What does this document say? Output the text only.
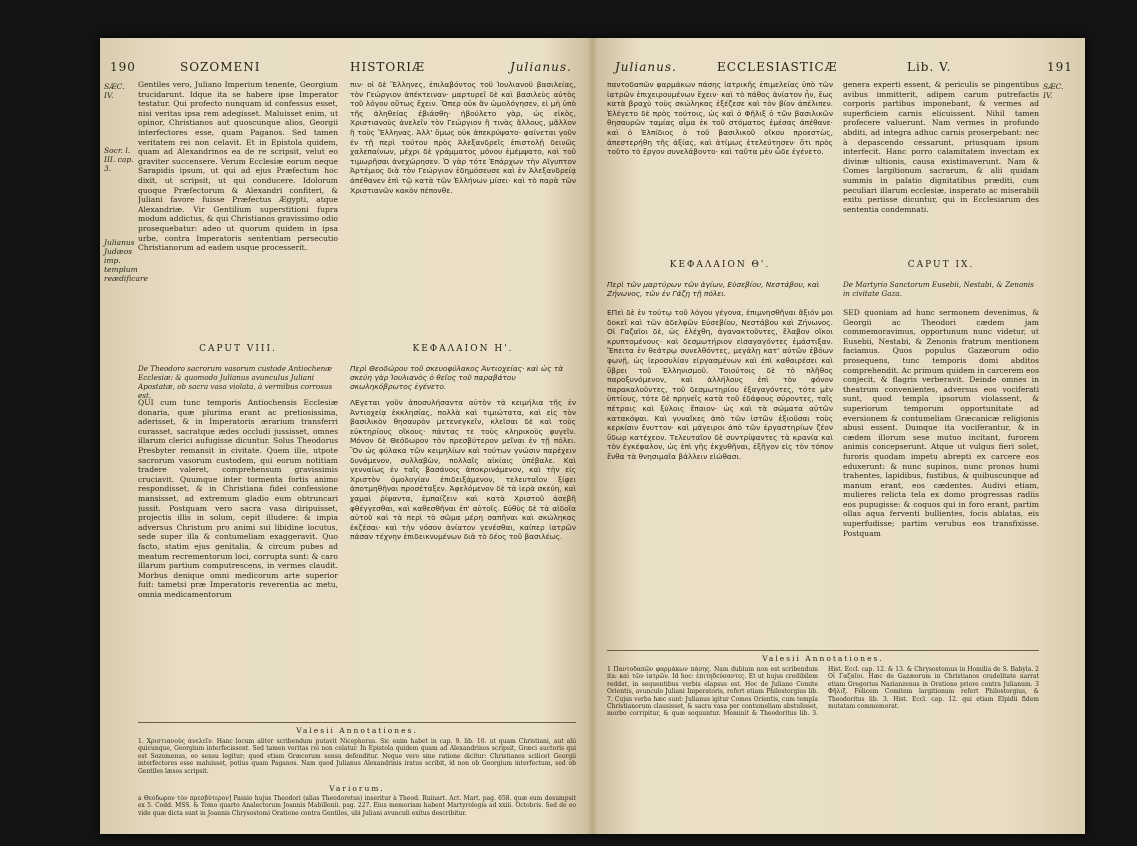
190	SOZOMENI	HISTORIÆ	Julianus.
SÆC. IV.
Socr. l. III. cap. 3.
Julianus Judæos imp. templum reædificare

Gentiles vero, Juliano Imperium tenente, Georgium trucidarunt. Idque ita se habere ipse Imperator testatur. Qui profecto nunquam id confessus esset, nisi veritas ipsa rem adegisset. Maluisset enim, ut opinor, Christianos aut quoscunque alios, Georgii interfectores esse, quam Paganos. Sed tamen veritatem rei non celavit. Et in Epistola quidem, quam ad Alexandrinos ea de re scripsit, velut eo graviter succensere. Verum Ecclesiæ eorum neque Sarapidis ipsum, ut qui ad ejus Præfectum hoc dixit, ut scripsit, ut qui conducere. Idolorum quoque Præfectorum & Alexandri confiteri, & Juliani favore fuisse Præfectus Ægypti, atque Alexandriæ. Vir Gentilium superstitioni fupra modum addictus, & qui Christianos gravissimo odio prosequebatur: adeo ut quorum quidem in ipsa urbe, contra Imperatoris sententiam persecutio Christianorum ad eadem usque processerit.

πιν· οἱ δὲ Ἕλληνες, ἐπιλαβόντος τοῦ Ἰουλιανοῦ βασιλείας, τὸν Γεώργιον ἀπέκτειναν· μαρτυρεῖ δὲ καὶ βασιλεὺς αὐτὸς τοῦ λόγου οὕτως ἔχειν. Ὅπερ οὐκ ἂν ὡμολόγησεν, εἰ μὴ ὑπὸ τῆς ἀληθείας ἐβιάσθη· ἠβούλετο γὰρ, ὡς εἰκὸς, Χριστιανοὺς ἀνελεῖν τὸν Γεώργιον ἢ τινὰς ἄλλους, μᾶλλον ἢ τοὺς Ἕλληνας. Ἀλλ' ὅμως οὐκ ἀπεκρύψατο· φαίνεται γοῦν ἐν τῇ περὶ τούτου πρὸς Ἀλεξανδρεῖς ἐπιστολῇ δεινῶς χαλεπαίνων, μέχρι δὲ γράμματος μόνου ἐμέμψατο, καὶ τοῦ τιμωρῆσαι ἀνεχώρησεν. Ὁ γὰρ τότε Ἐπάρχων τὴν Αἴγυπτον Ἀρτέμιος διὰ τὸν Γεώργιον ἐδημόσευσε καὶ ἐν Ἀλεξανδρείᾳ ἀπέθανεν ἐπὶ τῷ κατὰ τῶν Ἑλλήνων μίσει· καὶ τὸ παρὰ τῶν Χριστιανῶν κακὸν πέπονθε.

CAPUT VIII.	ΚΕΦΑΛΑΙΟΝ Η'.
De Theodoro sacrorum vasorum custode Antiochenæ Ecclesiæ: & quomodo Julianus avunculus Juliani Apostatæ, ob sacra vasa violata, à vermibus corrosus est.
Περὶ Θεοδώρου τοῦ σκευοφύλακος Ἀντιοχείας· καὶ ὡς τὰ σκεύη γὰρ Ἰουλιανὸς ὁ θεῖος τοῦ παραβάτου σκωληκόβρωτος ἐγένετο.

QUI cum tunc temporis Antiochensis Ecclesiæ donaria, quæ plurima erant ac pretiosissima, aderisset, & in Imperatoris ærarium transferri curasset, sacratque ædes occludi jussisset, omnes illarum clerici aufugisse dicuntur. Solus Theodorus Presbyter remansit in civitate. Quem ille, utpote sacrorum vasorum custodem, qui eorum notitiam tradere valeret, comprehensum gravissimis cruciavit. Quumque inter tormenta fortis animo respondisset, & in Christiana fidei confessione mansisset, ad extremum gladio eum obtruncari jussit. Postquam vero sacra vasa diripuisset, projectis illis in solum, cepit illudere: & impia adversus Christum pro animi sui libidine locutus, sede super illa & contumeliam exaggeravit. Quo facto, statim ejus genitalia, & circum pubes ad meatum recrementorum loci, corrupta sunt: & caro illarum partium computrescens, in vermes claudit. Morbus denique omni medicorum arte superior fuit: tametsi præ Imperatoris reverentia ac metu, omnia medicamentorum

ΛΕγεται γοῦν ἀποσυλήσαντα αὐτὸν τὰ κειμήλια τῆς ἐν Ἀντιοχείᾳ ἐκκλησίας, πολλὰ καὶ τιμιώτατα, καὶ εἰς τὸν βασιλικὸν θησαυρὸν μετενεγκεῖν, κλεῖσαι δὲ καὶ τοὺς εὐκτηρίους οἴκους· πάντας τε τοὺς κληρικοὺς φυγεῖν. Μόνον δὲ Θεόδωρον τὸν πρεσβύτερον μεῖναι ἐν τῇ πόλει. Ὃν ὡς φύλακα τῶν κειμηλίων καὶ τούτων γνώσιν παρέχειν δυνάμενον, συλλαβὼν, πολλαῖς αἰκίαις ὑπέβαλε. Καὶ γενναίως ἐν ταῖς βασάνοις ἀποκρινάμενον, καὶ τὴν εἰς Χριστὸν ὁμολογίαν ἐπιδειξάμενον, τελευταῖον ξίφει ἀποτμηθῆναι προσέταξεν. Ἀφελόμενον δὲ τὰ ἱερὰ σκεύη, καὶ χαμαὶ ῥίψαντα, ἐμπαίζειν καὶ κατὰ Χριστοῦ ἀσεβῆ φθέγγεσθαι, καὶ καθεσθῆναι ἐπ' αὐτοῖς. Εὐθὺς δὲ τὰ αἰδοῖα αὐτοῦ καὶ τὰ περὶ τὸ σῶμα μέρη σαπῆναι καὶ σκώληκας ἐκζέσαι· καὶ τὴν νόσον ἀνίατον γενέσθαι, καίπερ ἰατρῶν πάσαν τέχνην ἐπιδεικνυμένων διὰ τὸ δέος τοῦ βασιλέως.

Valesii Annotationes.

1. Χριστιανοὺς ἀνελεῖν. Hanc locum aliter scribendum putavit Nicephorus. Sic enim habet in cap. 9. lib. 10. ut quam Christiani, aut alii quicunque, Georgium interfecissent. Sed tamen veritas rei non celatur. In Epistola quidem quam ad Alexandrinos scripsit, Græci auctoris qui est Sozomenus, eo sensu legitur; quod etiam Græcorum sensu defenditur. Neque vero sine ratione dicitur: Christianos scilicet Georgii interfectores esse maluisset, potius quam Paganos. Nam quod Julianus Alexandrinis iratus scribit, id non ob Georgium interfectum, sed ob Gentiles læsos scripsit.

Variorum.

a Θεόδωρον τὸν πρεσβύτερον] Passio hujus Theodori (alias Theodoretus) inseritur à Theod. Ruinart. Act. Mart. pag. 658. quæ eum desumpsit ex 5. Codd. MSS. & Tomo quarto Analectorum Joannis Mabillonii. pag. 227. Eius memoriam habent Martyrologia ad xxiii. Octobris. Sed de eo vide quæ dicta sunt in Joannis Chrysostomi Oratione contra Gentiles, ubi Juliani avunculi exitus describitur.

Julianus.	ECCLESIASTICÆ	Lib. V.	191
SÆC. IV.

παντοδαπῶν φαρμάκων πάσης ἰατρικῆς ἐπιμελείας ὑπὸ τῶν ἰατρῶν ἐπιχειρουμένων ἔχειν· καὶ τὸ πάθος ἀνίατον ἦν, ἕως κατὰ βραχὺ τοὺς σκώληκας ἐξέζεσε καὶ τὸν βίον ἀπέλιπεν. Ἐλέγετο δὲ πρὸς τούτοις, ὡς καὶ ὁ Φῆλιξ ὁ τῶν βασιλικῶν θησαυρῶν ταμίας αἷμα ἐκ τοῦ στόματος ἐμέσας ἀπέθανε· καὶ ὁ Ἐλπίδιος ὁ τοῦ βασιλικοῦ οἴκου προεστὼς, ἀπεστερήθη τῆς ἀξίας, καὶ ἀτίμως ἐτελεύτησεν· ὅτι πρὸς τοῦτο τὸ ἔργον συνελάβοντο· καὶ ταῦτα μὲν ὧδε ἐγένετο.

genera experti essent, & periculis se pingentibus avibus immitterit, adipem carum putrefactis corporis partibus imponebant, & vermes ad superficiem carnis elicuissent. Nihil tamen profecere valuerunt. Nam vermes in profundo abditi, ad integra adhuc carnis proserpebant: nec à depascendo cessarunt, priusquam ipsum interfecit. Hanc porro calamitatem invectam ex divinæ ultionis, causa existimaverunt. Nam & Comes largitionum sacrarum, & alii quidam summis in palatio dignitatibus præditi, cum peculiari illarum ecclesiæ, insperato ac miserabili exitu periisse dicuntur, qui in Ecclesiarum des sententia condemnati.

ΚΕΦΑΛΑΙΟΝ Θ'.	CAPUT IX.
Περὶ τῶν μαρτύρων τῶν ἁγίων, Εὐσεβίου, Νεστάβου, καὶ Ζήνωνος, τῶν ἐν Γάζῃ τῇ πόλει.
De Martyrio Sanctorum Eusebii, Nestabi, & Zenonis in civitate Gaza.

ΕΠεὶ δὲ ἐν τούτῳ τοῦ λόγου γέγονα, ἐπιμνησθῆναι ἄξιόν μοι δοκεῖ καὶ τῶν ἀδελφῶν Εὐσεβίου, Νεστάβου καὶ Ζήνωνος. Οἱ Γαζαῖοι δὲ, ὡς ἐλέχθη, ἀγανακτοῦντες, ἔλαβον οἴκοι κρυπτομένους· καὶ δεσμωτήριον εἰσαγαγόντες ἐμάστιξαν. Ἔπειτα ἐν θεάτρῳ συνελθόντες, μεγάλῃ κατ' αὐτῶν ἐβόων φωνῇ, ὡς ἱεροσυλίαν εἰργασμένων καὶ ἐπὶ καθαιρέσει καὶ ὕβρει τοῦ Ἑλληνισμοῦ. Τοιούτοις δὲ τὸ πλῆθος παροξυνόμενον, καὶ ἀλλήλους ἐπὶ τὸν φόνον παρακαλοῦντες, τοῦ δεσμωτηρίου ἐξαγαγόντες, τότε μὲν ὑπτίους, τότε δὲ πρηνεῖς κατὰ τοῦ ἐδάφους σύροντες, ταῖς πέτραις καὶ ξύλοις ἔπαιον· ὡς καὶ τὰ σώματα αὐτῶν κατακόψαι. Καὶ γυναῖκες ἀπὸ τῶν ἱστῶν ἐξιοῦσαι τοὺς κερκίσιν ἔνυττον· καὶ μάγειροι ἀπὸ τῶν ἐργαστηρίων ζέον ὕδωρ κατέχεον. Τελευταῖον δὲ συντρίψαντες τὰ κρανία καὶ τὸν ἐγκέφαλον, ὡς ἐπὶ γῆς ἐκχυθῆναι, ἐξῆγον εἰς τὸν τόπον ἔνθα τὰ θνησιμαῖα βάλλειν εἰώθασι.

SED quoniam ad hunc sermonem devenimus, & Georgii ac Theodori cædem jam commemoravimus, opportunum nunc videtur, ut Eusebii, Nestabi, & Zenonis fratrum mentionem faciamus. Quos populus Gazæorum odio prosequens, tunc temporis domi abditos comprehendit. Ac primum quidem in carcerem eos conjecit, & flagris verberavit. Deinde omnes in theatrum convenientes, adversus eos vociferati sunt, quod templa ipsorum violassent, & superiorum temporum opportunitate ad eversionem & contumeliam Græcanicæ religionis abusi essent. Dumque ita vociferantur, & in cædem illorum sese mutuo incitant, furorem animis concepserunt. Atque ut vulgus fieri solet, furoris quodam impetu abrepti ex carcere eos eduxerunt: & nunc supinos, nunc pronos humi trahentes, lapidibus, fustibus, & quibuscunque ad manum erant, eos cædentes. Audivi etiam, mulieres relicta tela ex domo progressas radiis eos pupugisse: & coquos qui in foro erant, partim ollas aqua ferventi bullientes, focis ablatas, eis superfudisse; partim verubus eos transfixisse. Postquam

Valesii Annotationes.

1 Παντοδαπῶν φαρμάκων πάσης. Nam dubium non est scribendum ita: καὶ τῶν ἰατρῶν. Id hoc: ἐπιτηδεύσαντες. Et ut hujus credibilem reddat, in sequentibus verbis elapsus est. Hoc de Juliano Comite Orientis, avunculo Juliani Imperatoris, refert etiam Philostorgius lib. 7. Cujus verba hæc sunt: Julianus igitur Comes Orientis, cum templa Christianorum clausisset, & sacra vasa per contumeliam abstulisset, morbo corripitur, & quæ sequuntur. Meminit & Theodoritus lib. 3. Hist. Eccl. cap. 12. & 13. & Chrysostomus in Homilia de S. Babyla. 2 Οἱ Γαζαῖοι. Hæc de Gazæorum in Christianos crudelitate narrat etiam Gregorius Nazianzenus in Oratione priore contra Julianum. 3 Φῆλιξ. Felicem Comitem largitionum refert Philostorgius, & Theodoritus lib. 3. Hist. Eccl. cap. 12. qui etiam Elpidii fidem mutatam commemorat.
